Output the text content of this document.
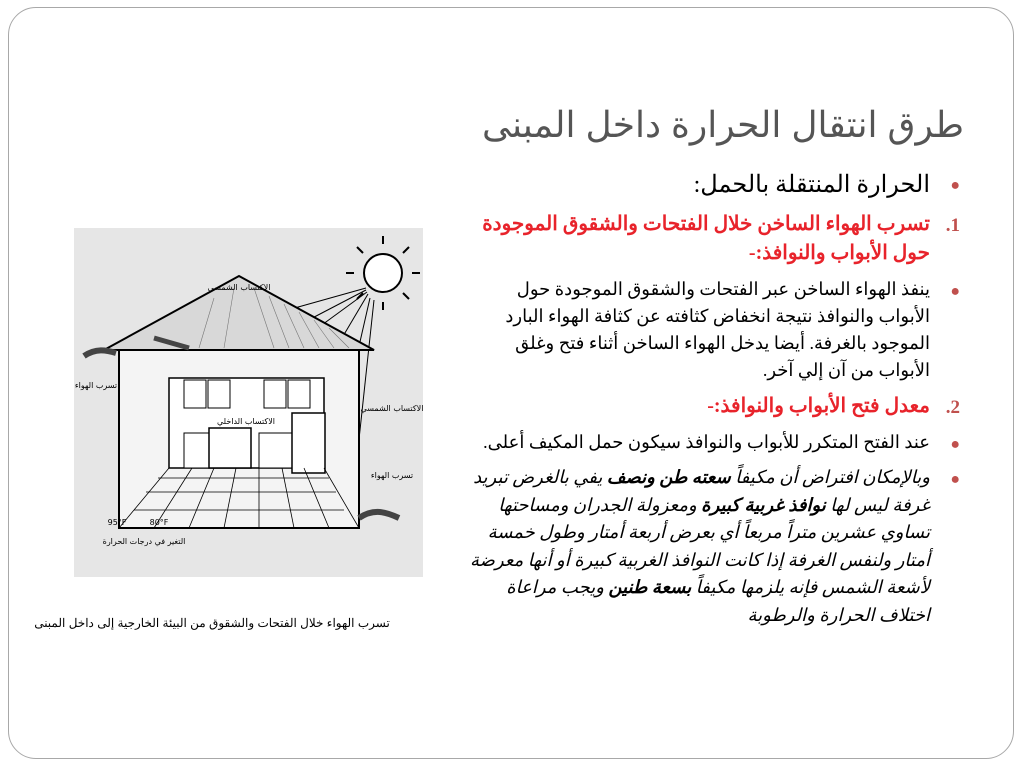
طرق انتقال الحرارة داخل المبنى
●
الحرارة المنتقلة بالحمل:
1.
تسرب الهواء الساخن خلال الفتحات والشقوق الموجودة حول الأبواب والنوافذ:-
●
ينفذ الهواء الساخن عبر الفتحات والشقوق الموجودة حول الأبواب والنوافذ نتيجة انخفاض كثافته عن كثافة الهواء البارد الموجود بالغرفة. أيضا يدخل الهواء الساخن أثناء فتح وغلق الأبواب من آن إلي آخر.
2.
معدل فتح الأبواب والنوافذ:-
●
عند الفتح المتكرر للأبواب والنوافذ سيكون حمل المكيف أعلى.
●
وبالإمكان افتراض أن مكيفاً سعته طن ونصف يفي بالغرض تبريد غرفة ليس لها نوافذ غربية كبيرة ومعزولة الجدران ومساحتها تساوي عشرين متراً مربعاً أي بعرض أربعة أمتار وطول خمسة أمتار ولنفس الغرفة إذا كانت النوافذ الغربية كبيرة أو أنها معرضة لأشعة الشمس فإنه يلزمها مكيفاً بسعة طنين ويجب مراعاة اختلاف الحرارة والرطوبة
الاكتساب الشمسي
تسرب الهواء
الاكتساب الداخلي
الاكتساب الشمسي
تسرب الهواء
95°F	80°F
التغير في درجات الحرارة
تسرب الهواء خلال الفتحات والشقوق من البيئة الخارجية إلى داخل المبنى
